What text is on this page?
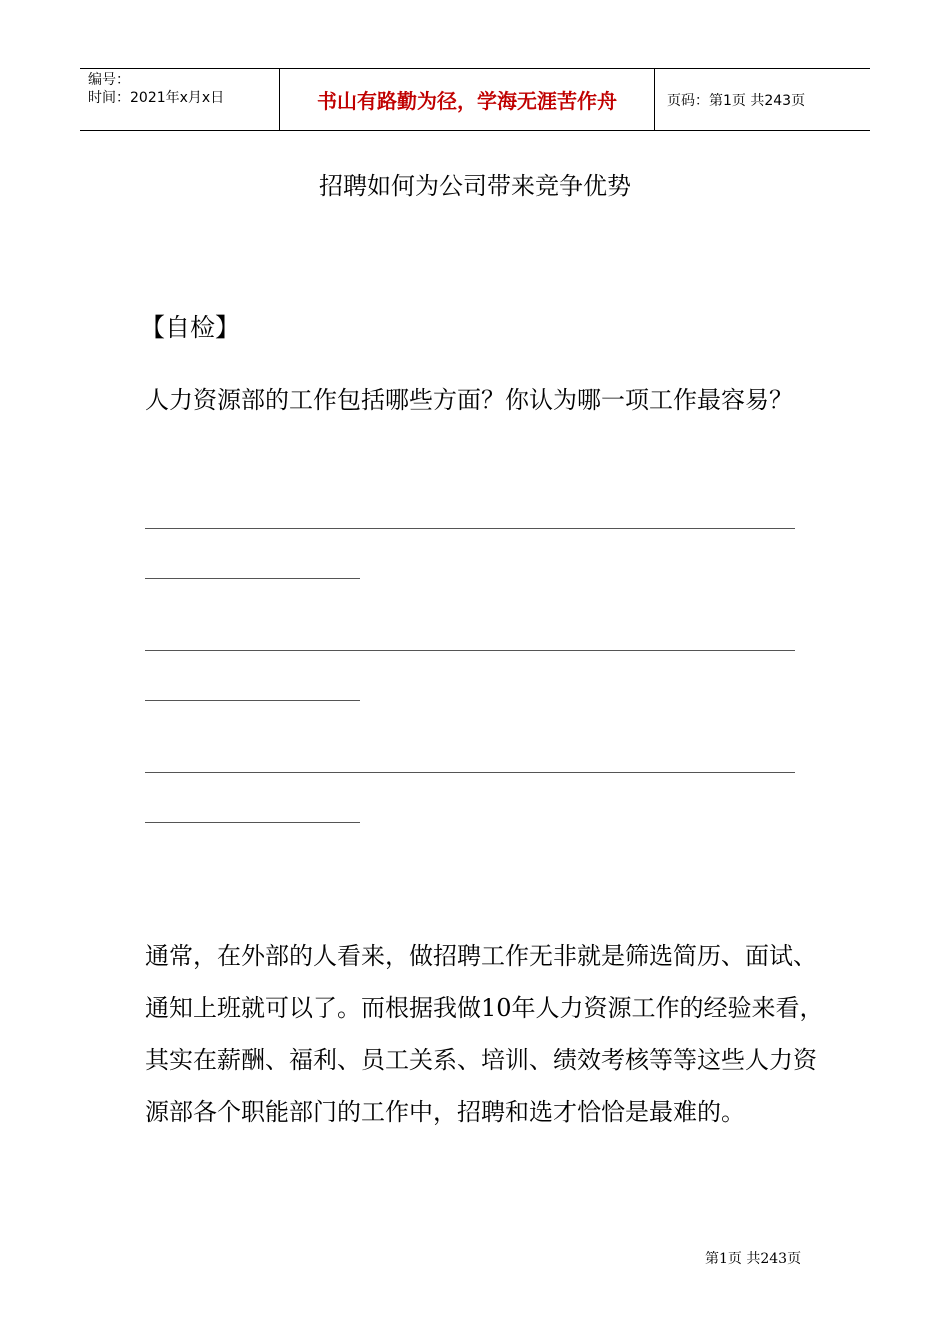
编号：
时间：2021年x月x日	书山有路勤为径，学海无涯苦作舟	页码：第1页 共243页
招聘如何为公司带来竞争优势
【自检】
人力资源部的工作包括哪些方面？你认为哪一项工作最容易？

通常，在外部的人看来，做招聘工作无非就是筛选简历、面试、通知上班就可以了。而根据我做10年人力资源工作的经验来看，其实在薪酬、福利、员工关系、培训、绩效考核等等这些人力资源部各个职能部门的工作中，招聘和选才恰恰是最难的。

第1页 共243页
